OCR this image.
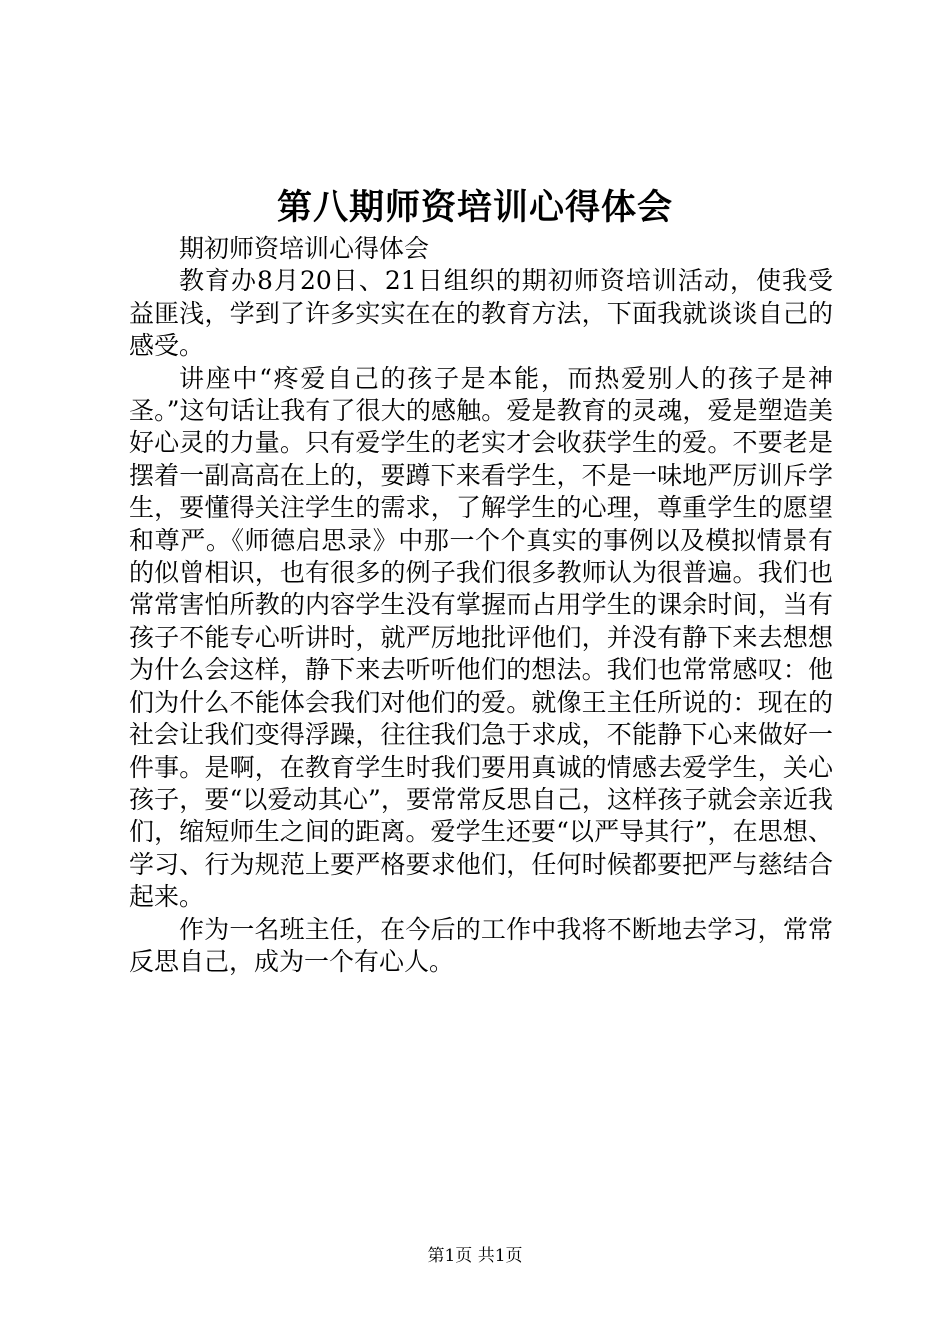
第八期师资培训心得体会

期初师资培训心得体会

教育办8月20日、21日组织的期初师资培训活动，使我受益匪浅，学到了许多实实在在的教育方法，下面我就谈谈自己的感受。

讲座中“疼爱自己的孩子是本能，而热爱别人的孩子是神圣。”这句话让我有了很大的感触。爱是教育的灵魂，爱是塑造美好心灵的力量。只有爱学生的老实才会收获学生的爱。不要老是摆着一副高高在上的，要蹲下来看学生，不是一味地严厉训斥学生，要懂得关注学生的需求，了解学生的心理，尊重学生的愿望和尊严。《师德启思录》中那一个个真实的事例以及模拟情景有的似曾相识，也有很多的例子我们很多教师认为很普遍。我们也常常害怕所教的内容学生没有掌握而占用学生的课余时间，当有孩子不能专心听讲时，就严厉地批评他们，并没有静下来去想想为什么会这样，静下来去听听他们的想法。我们也常常感叹：他们为什么不能体会我们对他们的爱。就像王主任所说的：现在的社会让我们变得浮躁，往往我们急于求成，不能静下心来做好一件事。是啊，在教育学生时我们要用真诚的情感去爱学生，关心孩子，要“以爱动其心”，要常常反思自己，这样孩子就会亲近我们，缩短师生之间的距离。爱学生还要“以严导其行”，在思想、学习、行为规范上要严格要求他们，任何时候都要把严与慈结合起来。

作为一名班主任，在今后的工作中我将不断地去学习，常常反思自己，成为一个有心人。

第1页 共1页
